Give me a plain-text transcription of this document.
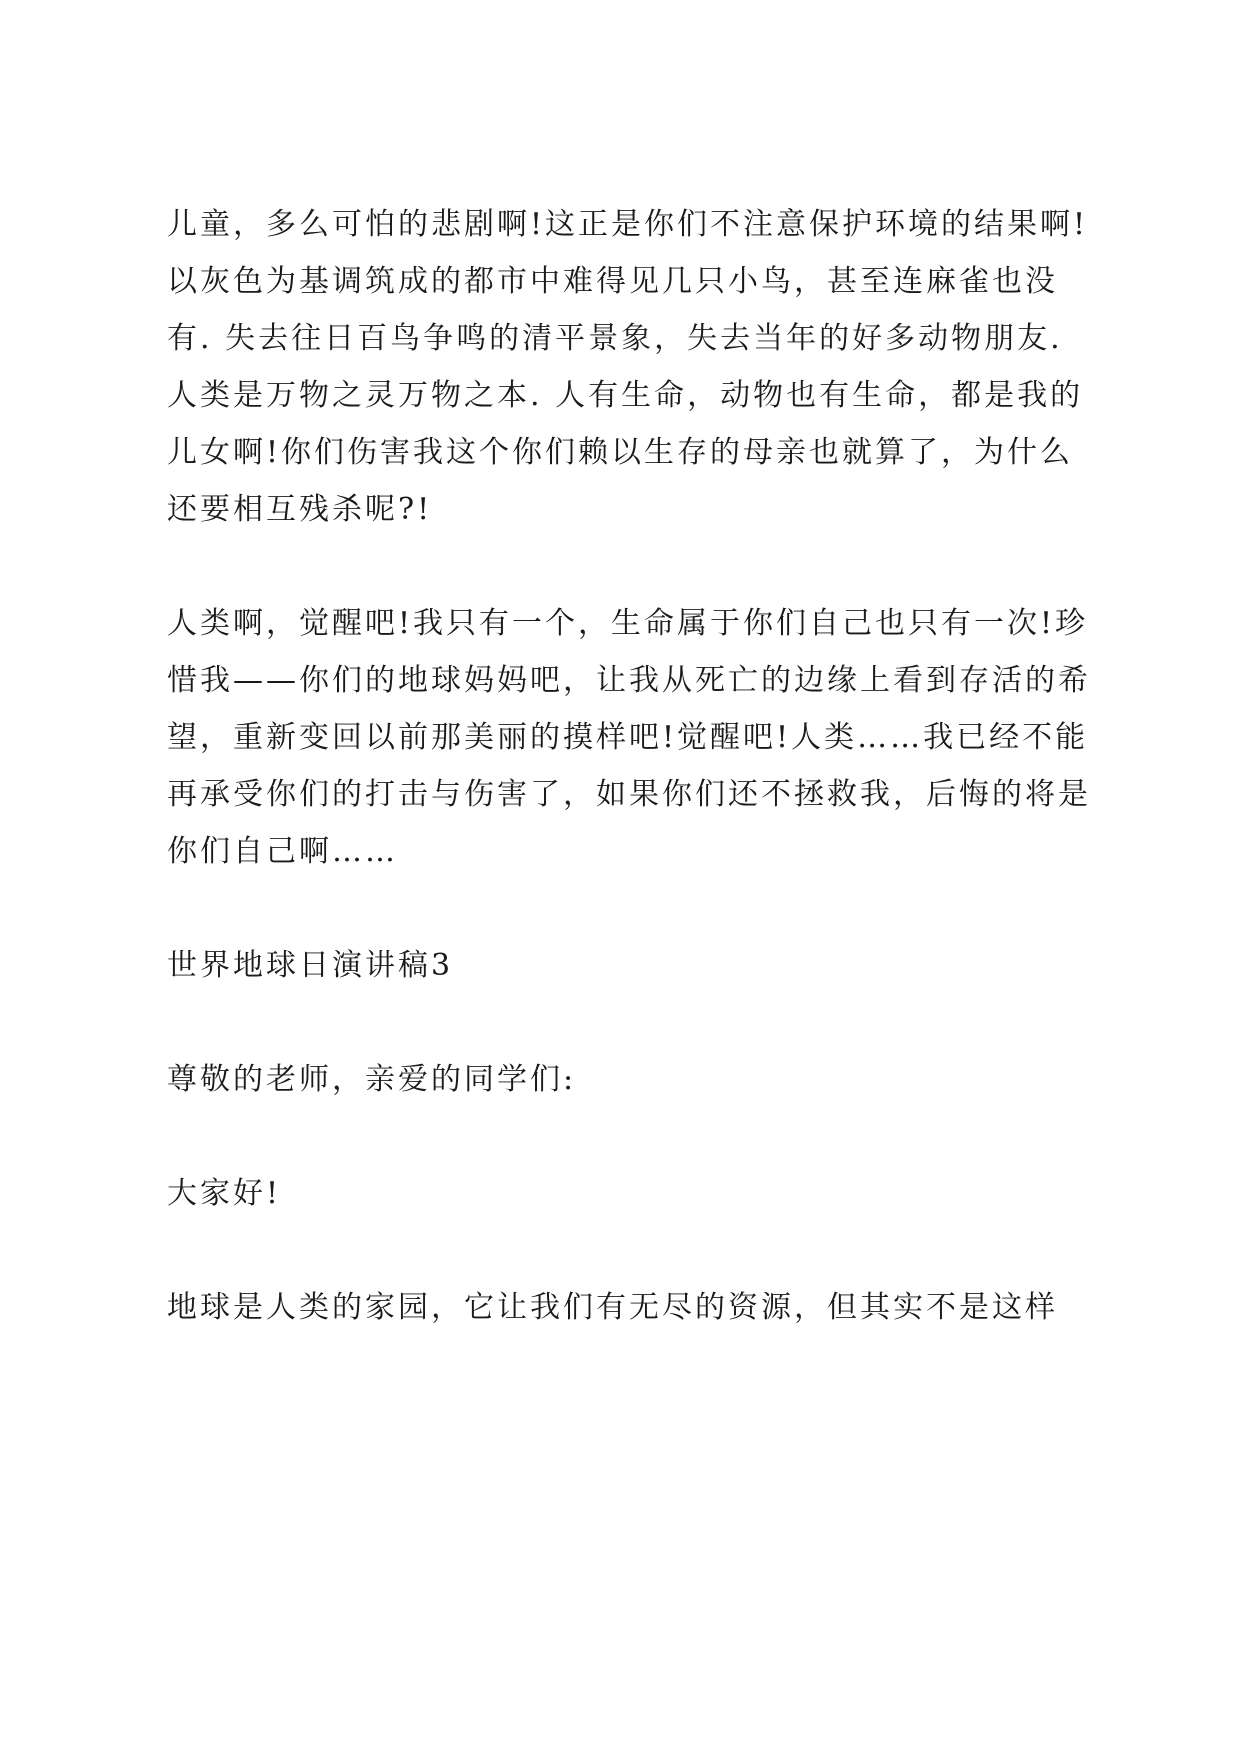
儿童，多么可怕的悲剧啊!这正是你们不注意保护环境的结果啊!
以灰色为基调筑成的都市中难得见几只小鸟，甚至连麻雀也没
有. 失去往日百鸟争鸣的清平景象，失去当年的好多动物朋友.
人类是万物之灵万物之本. 人有生命，动物也有生命，都是我的
儿女啊!你们伤害我这个你们赖以生存的母亲也就算了，为什么
还要相互残杀呢?!
人类啊，觉醒吧!我只有一个，生命属于你们自己也只有一次!珍
惜我——你们的地球妈妈吧，让我从死亡的边缘上看到存活的希
望，重新变回以前那美丽的摸样吧!觉醒吧!人类……我已经不能
再承受你们的打击与伤害了，如果你们还不拯救我，后悔的将是
你们自己啊……
世界地球日演讲稿3
尊敬的老师，亲爱的同学们:
大家好!
地球是人类的家园，它让我们有无尽的资源，但其实不是这样
